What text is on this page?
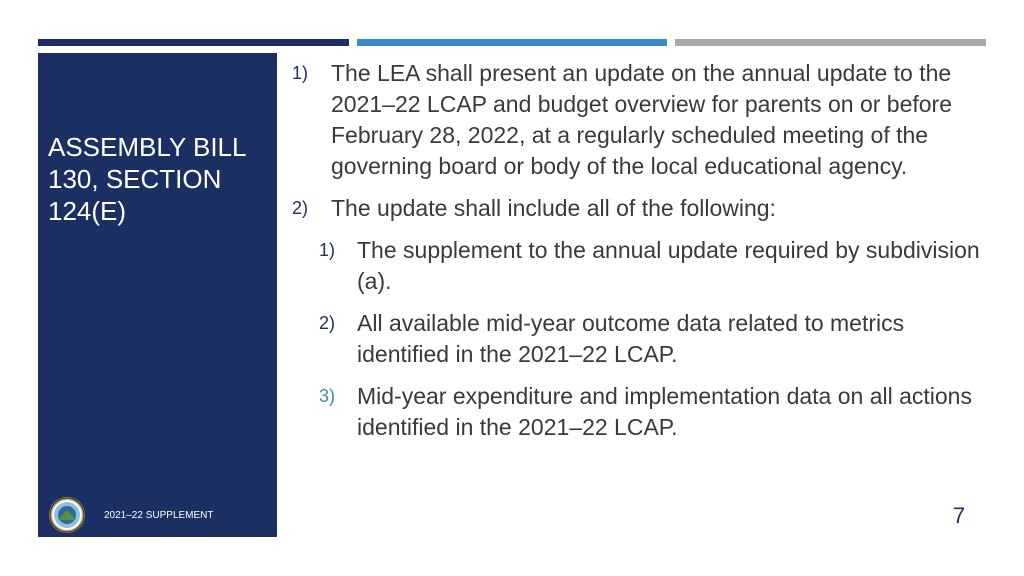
ASSEMBLY BILL 130, SECTION 124(E)
2021–22 SUPPLEMENT
1) The LEA shall present an update on the annual update to the 2021–22 LCAP and budget overview for parents on or before February 28, 2022, at a regularly scheduled meeting of the governing board or body of the local educational agency.
2) The update shall include all of the following:
1) The supplement to the annual update required by subdivision (a).
2) All available mid-year outcome data related to metrics identified in the 2021–22 LCAP.
3) Mid-year expenditure and implementation data on all actions identified in the 2021–22 LCAP.
7
